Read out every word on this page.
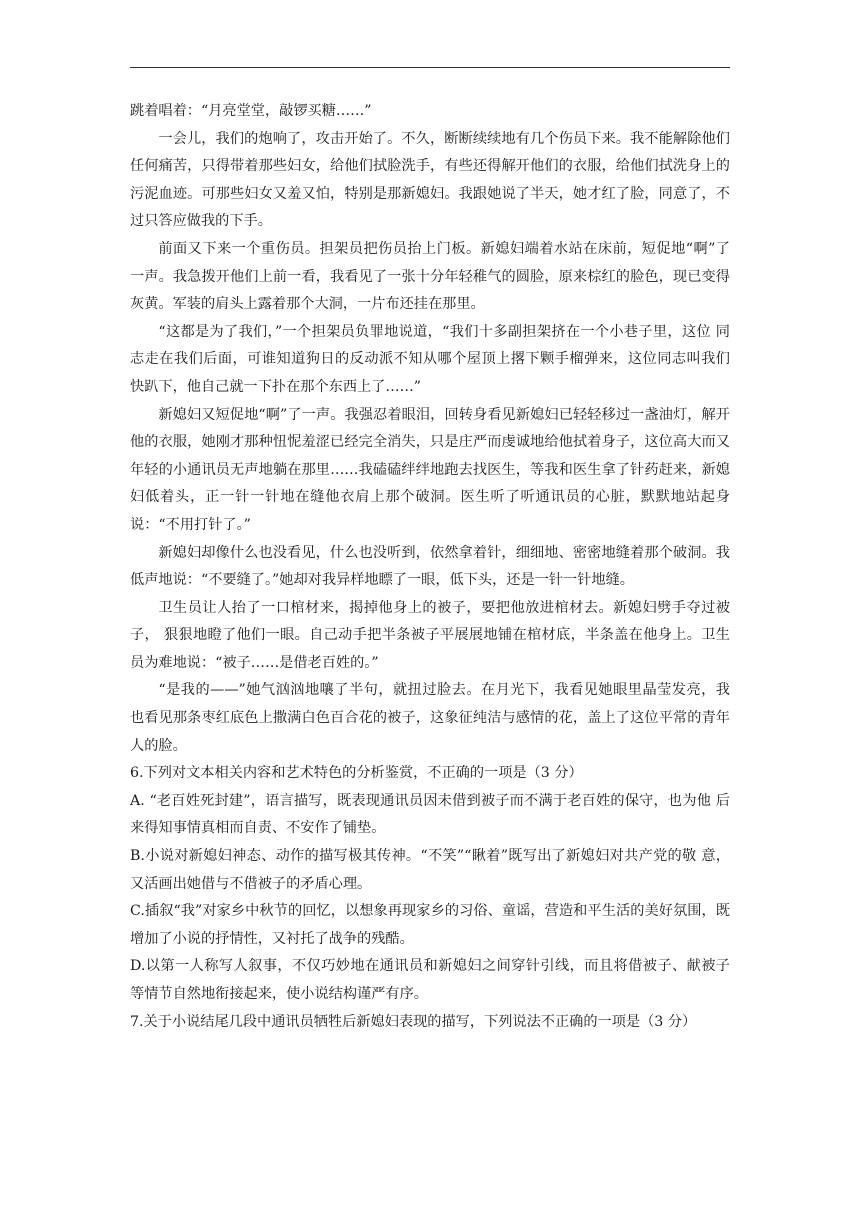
跳着唱着：“月亮堂堂，敲锣买糖……”

一会儿，我们的炮响了，攻击开始了。不久，断断续续地有几个伤员下来。我不能解除他们 任何痛苦，只得带着那些妇女，给他们拭脸洗手，有些还得解开他们的衣服，给他们拭洗身上的 污泥血迹。可那些妇女又羞又怕，特别是那新媳妇。我跟她说了半天，她才红了脸，同意了，不 过只答应做我的下手。

前面又下来一个重伤员。担架员把伤员抬上门板。新媳妇端着水站在床前，短促地“啊”了 一声。我急拨开他们上前一看，我看见了一张十分年轻稚气的圆脸，原来棕红的脸色，现已变得 灰黄。军装的肩头上露着那个大洞，一片布还挂在那里。

“这都是为了我们，”一个担架员负罪地说道，“我们十多副担架挤在一个小巷子里，这位 同志走在我们后面，可谁知道狗日的反动派不知从哪个屋顶上撂下颗手榴弹来，这位同志叫我们 快趴下，他自己就一下扑在那个东西上了……”

新媳妇又短促地“啊”了一声。我强忍着眼泪，回转身看见新媳妇已轻轻移过一盏油灯，解开他的衣服，她刚才那种忸怩羞涩已经完全消失，只是庄严而虔诚地给他拭着身子，这位高大而又年轻的小通讯员无声地躺在那里……我磕磕绊绊地跑去找医生，等我和医生拿了针药赶来，新媳妇低着头，正一针一针地在缝他衣肩上那个破洞。医生听了听通讯员的心脏，默默地站起身说：“不用打针了。”

新媳妇却像什么也没看见，什么也没听到，依然拿着针，细细地、密密地缝着那个破洞。我低声地说：“不要缝了。”她却对我异样地瞟了一眼，低下头，还是一针一针地缝。

卫生员让人抬了一口棺材来，揭掉他身上的被子，要把他放进棺材去。新媳妇劈手夺过被子， 狠狠地瞪了他们一眼。自己动手把半条被子平展展地铺在棺材底，半条盖在他身上。卫生员为难地说：“被子……是借老百姓的。”

“是我的——”她气汹汹地嚷了半句，就扭过脸去。在月光下，我看见她眼里晶莹发亮，我 也看见那条枣红底色上撒满白色百合花的被子，这象征纯洁与感情的花，盖上了这位平常的青年 人的脸。

6.下列对文本相关内容和艺术特色的分析鉴赏，不正确的一项是（3 分）

A. “老百姓死封建”，语言描写，既表现通讯员因未借到被子而不满于老百姓的保守，也为他 后来得知事情真相而自责、不安作了铺垫。

B.小说对新媳妇神态、动作的描写极其传神。“不笑”“瞅着”既写出了新媳妇对共产党的敬 意，又活画出她借与不借被子的矛盾心理。

C.插叙“我”对家乡中秋节的回忆，以想象再现家乡的习俗、童谣，营造和平生活的美好氛围，既增加了小说的抒情性，又衬托了战争的残酷。

D.以第一人称写人叙事，不仅巧妙地在通讯员和新媳妇之间穿针引线，而且将借被子、献被子 等情节自然地衔接起来，使小说结构谨严有序。

7.关于小说结尾几段中通讯员牺牲后新媳妇表现的描写，下列说法不正确的一项是（3 分）
